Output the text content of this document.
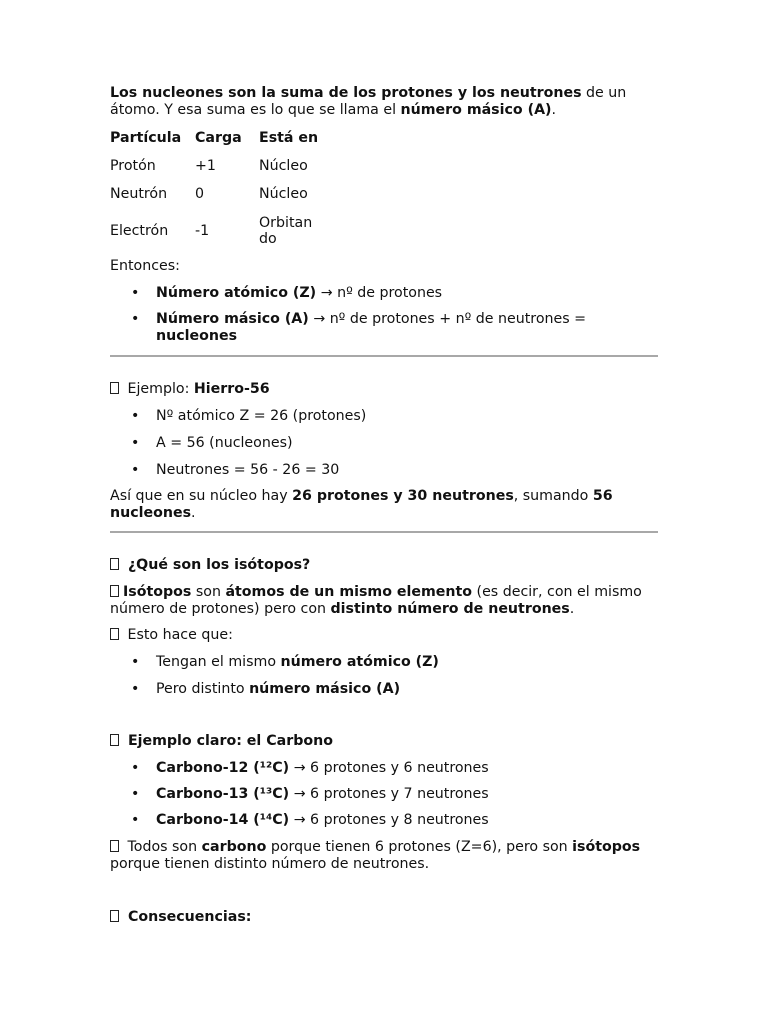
Los nucleones son la suma de los protones y los neutrones de un átomo. Y esa suma es lo que se llama el número másico (A).

Partícula	Carga	Está en
Protón	+1	Núcleo
Neutrón	0	Núcleo
Electrón	-1	Orbitando

Entonces:

• Número atómico (Z) → nº de protones
• Número másico (A) → nº de protones + nº de neutrones = nucleones

Ejemplo: Hierro-56

• Nº atómico Z = 26 (protones)
• A = 56 (nucleones)
• Neutrones = 56 - 26 = 30

Así que en su núcleo hay 26 protones y 30 neutrones, sumando 56 nucleones.

¿Qué son los isótopos?

Isótopos son átomos de un mismo elemento (es decir, con el mismo número de protones) pero con distinto número de neutrones.

Esto hace que:

• Tengan el mismo número atómico (Z)
• Pero distinto número másico (A)

Ejemplo claro: el Carbono

• Carbono-12 (¹²C) → 6 protones y 6 neutrones
• Carbono-13 (¹³C) → 6 protones y 7 neutrones
• Carbono-14 (¹⁴C) → 6 protones y 8 neutrones

Todos son carbono porque tienen 6 protones (Z=6), pero son isótopos porque tienen distinto número de neutrones.

Consecuencias:
